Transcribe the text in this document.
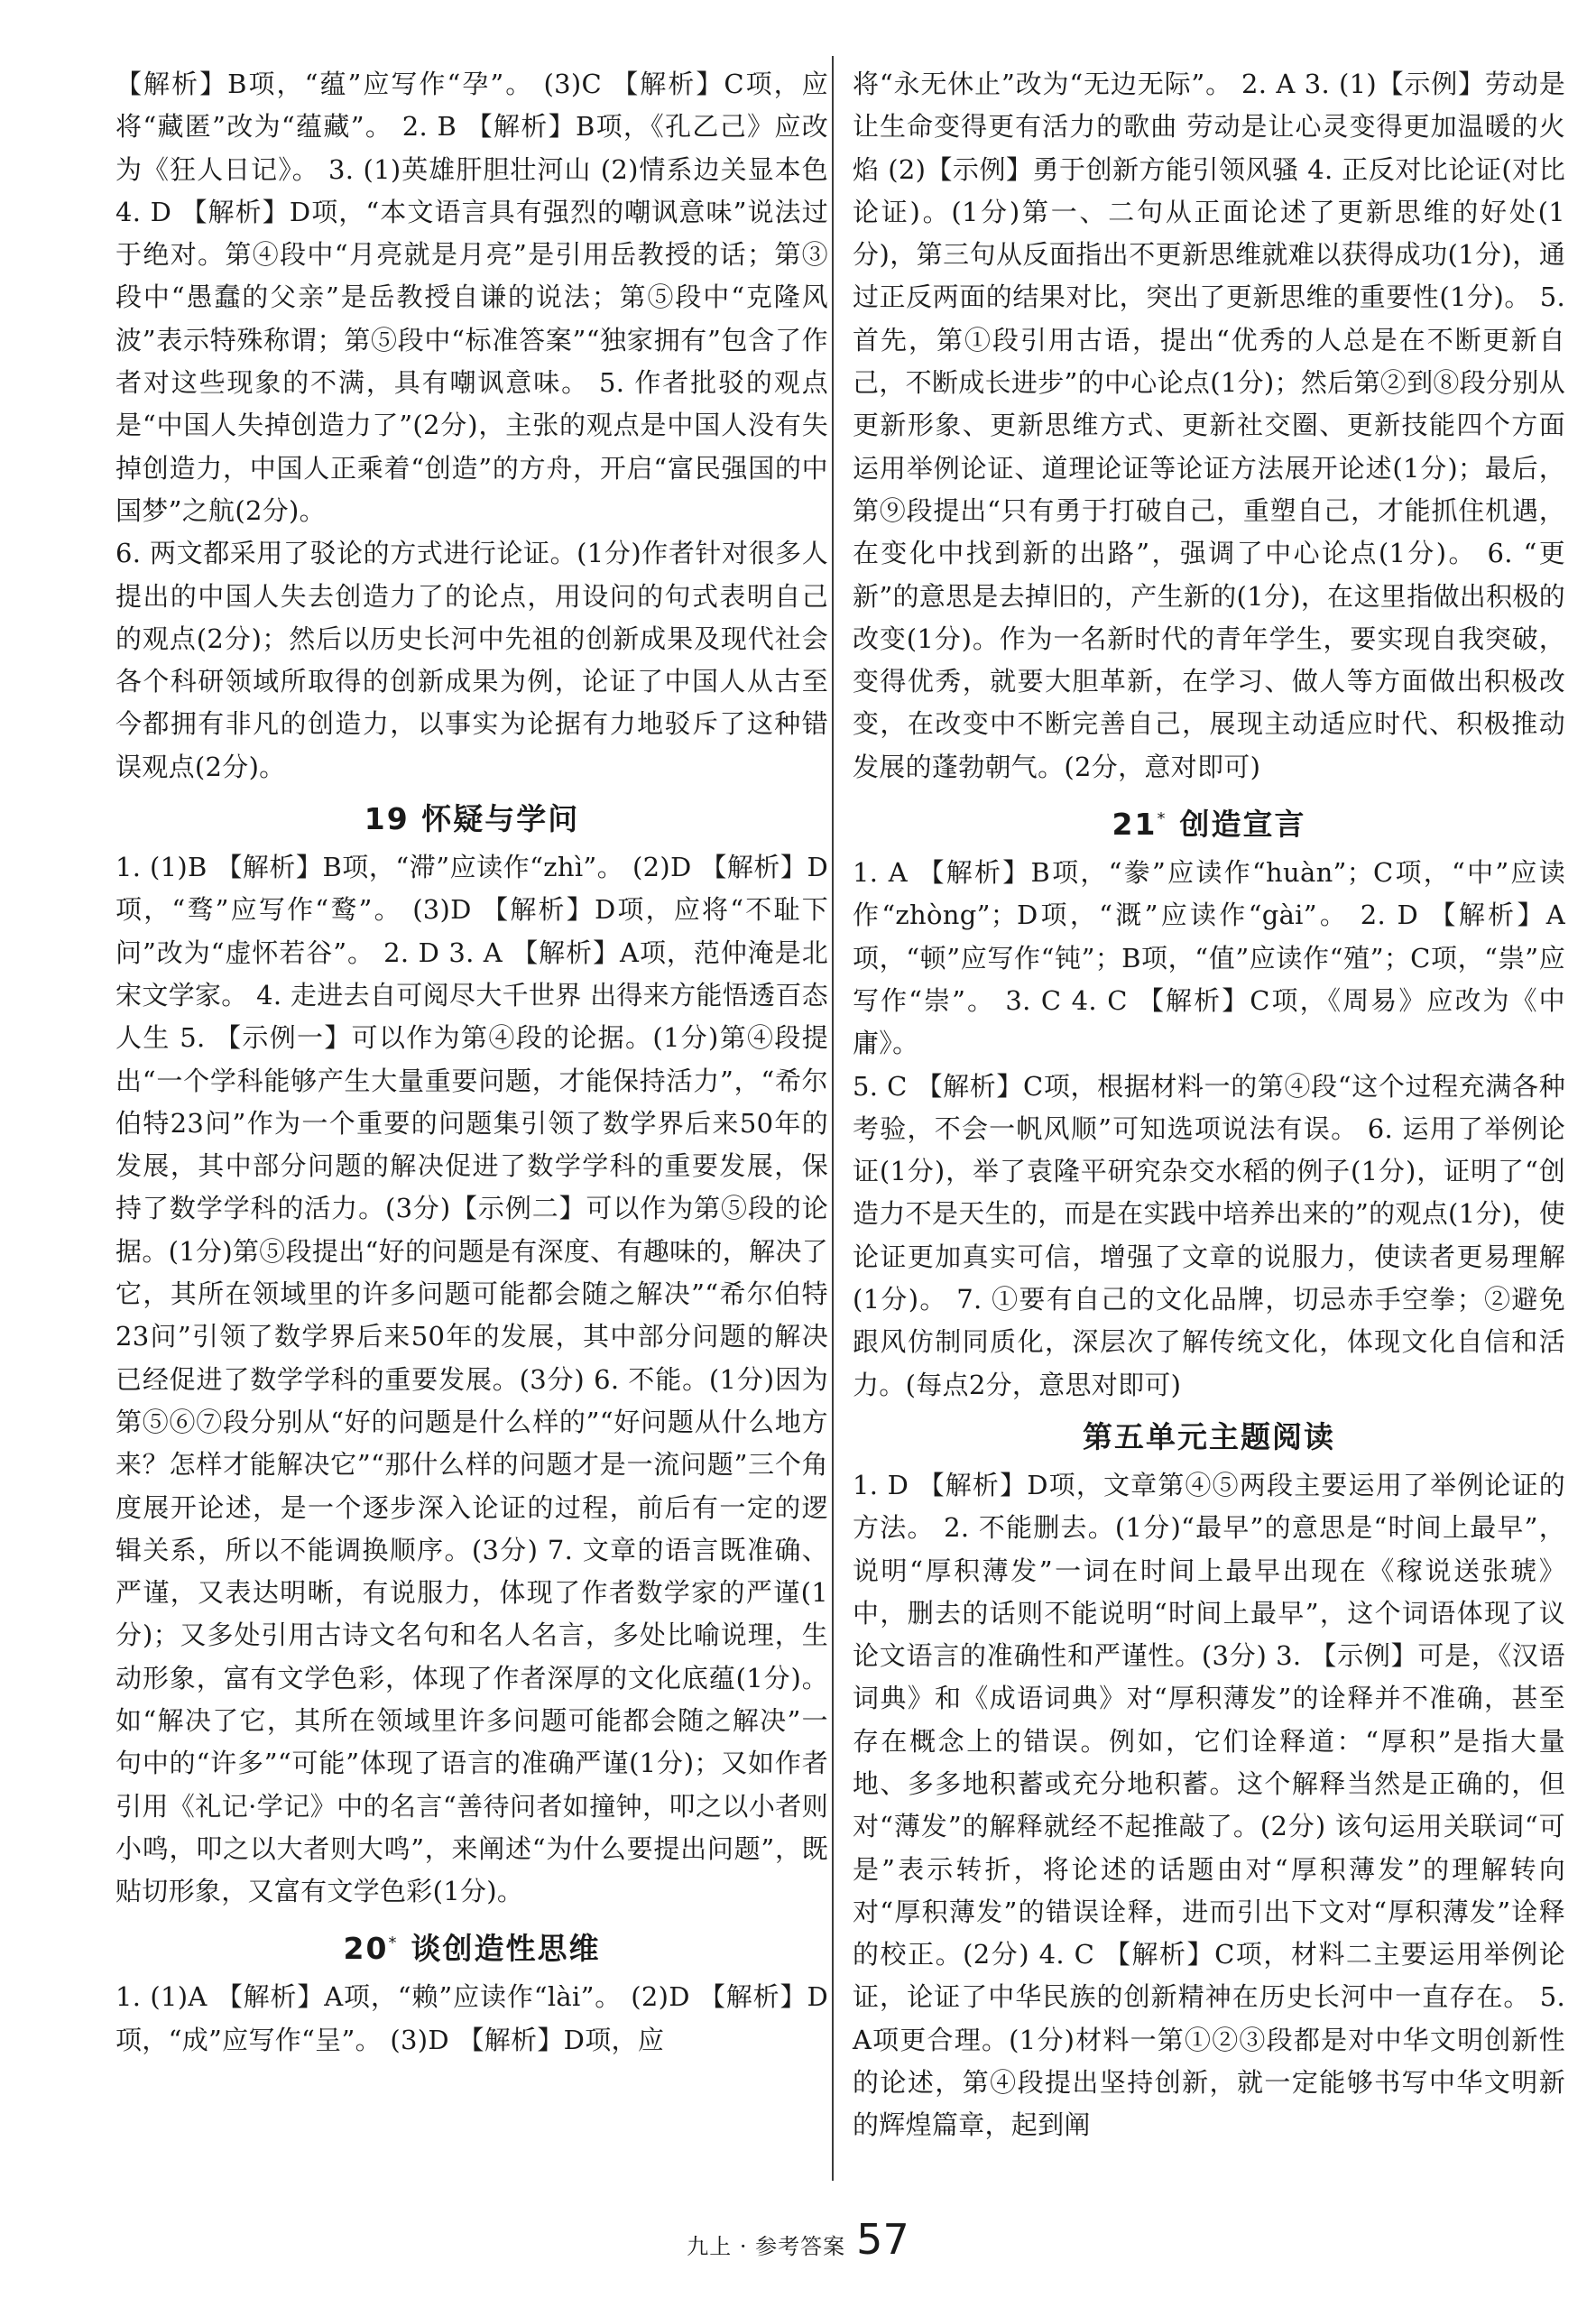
【解析】B项，“蕴”应写作“孕”。 (3)C 【解析】C项，应将“藏匿”改为“蕴藏”。 2. B 【解析】B项，《孔乙己》应改为《狂人日记》。 3. (1)英雄肝胆壮河山 (2)情系边关显本色 4. D 【解析】D项，“本文语言具有强烈的嘲讽意味”说法过于绝对。第④段中“月亮就是月亮”是引用岳教授的话；第③段中“愚蠢的父亲”是岳教授自谦的说法；第⑤段中“克隆风波”表示特殊称谓；第⑤段中“标准答案”“独家拥有”包含了作者对这些现象的不满，具有嘲讽意味。 5. 作者批驳的观点是“中国人失掉创造力了”(2分)，主张的观点是中国人没有失掉创造力，中国人正乘着“创造”的方舟，开启“富民强国的中国梦”之航(2分)。

6. 两文都采用了驳论的方式进行论证。(1分)作者针对很多人提出的中国人失去创造力了的论点，用设问的句式表明自己的观点(2分)；然后以历史长河中先祖的创新成果及现代社会各个科研领域所取得的创新成果为例，论证了中国人从古至今都拥有非凡的创造力，以事实为论据有力地驳斥了这种错误观点(2分)。

19 怀疑与学问

1. (1)B 【解析】B项，“滞”应读作“zhì”。 (2)D 【解析】D项，“骛”应写作“鹜”。 (3)D 【解析】D项，应将“不耻下问”改为“虚怀若谷”。 2. D 3. A 【解析】A项，范仲淹是北宋文学家。 4. 走进去自可阅尽大千世界 出得来方能悟透百态人生 5. 【示例一】可以作为第④段的论据。(1分)第④段提出“一个学科能够产生大量重要问题，才能保持活力”，“希尔伯特23问”作为一个重要的问题集引领了数学界后来50年的发展，其中部分问题的解决促进了数学学科的重要发展，保持了数学学科的活力。(3分)【示例二】可以作为第⑤段的论据。(1分)第⑤段提出“好的问题是有深度、有趣味的，解决了它，其所在领域里的许多问题可能都会随之解决”“希尔伯特23问”引领了数学界后来50年的发展，其中部分问题的解决已经促进了数学学科的重要发展。(3分) 6. 不能。(1分)因为第⑤⑥⑦段分别从“好的问题是什么样的”“好问题从什么地方来？怎样才能解决它”“那什么样的问题才是一流问题”三个角度展开论述，是一个逐步深入论证的过程，前后有一定的逻辑关系，所以不能调换顺序。(3分) 7. 文章的语言既准确、严谨，又表达明晰，有说服力，体现了作者数学家的严谨(1分)；又多处引用古诗文名句和名人名言，多处比喻说理，生动形象，富有文学色彩，体现了作者深厚的文化底蕴(1分)。如“解决了它，其所在领域里许多问题可能都会随之解决”一句中的“许多”“可能”体现了语言的准确严谨(1分)；又如作者引用《礼记·学记》中的名言“善待问者如撞钟，叩之以小者则小鸣，叩之以大者则大鸣”，来阐述“为什么要提出问题”，既贴切形象，又富有文学色彩(1分)。

20* 谈创造性思维

1. (1)A 【解析】A项，“赖”应读作“lài”。 (2)D 【解析】D项，“成”应写作“呈”。 (3)D 【解析】D项，应

将“永无休止”改为“无边无际”。 2. A 3. (1)【示例】劳动是让生命变得更有活力的歌曲 劳动是让心灵变得更加温暖的火焰 (2)【示例】勇于创新方能引领风骚 4. 正反对比论证(对比论证)。(1分)第一、二句从正面论述了更新思维的好处(1分)，第三句从反面指出不更新思维就难以获得成功(1分)，通过正反两面的结果对比，突出了更新思维的重要性(1分)。 5. 首先，第①段引用古语，提出“优秀的人总是在不断更新自己，不断成长进步”的中心论点(1分)；然后第②到⑧段分别从更新形象、更新思维方式、更新社交圈、更新技能四个方面运用举例论证、道理论证等论证方法展开论述(1分)；最后，第⑨段提出“只有勇于打破自己，重塑自己，才能抓住机遇，在变化中找到新的出路”，强调了中心论点(1分)。 6. “更新”的意思是去掉旧的，产生新的(1分)，在这里指做出积极的改变(1分)。作为一名新时代的青年学生，要实现自我突破，变得优秀，就要大胆革新，在学习、做人等方面做出积极改变，在改变中不断完善自己，展现主动适应时代、积极推动发展的蓬勃朝气。(2分，意对即可)

21* 创造宣言

1. A 【解析】B项，“豢”应读作“huàn”；C项，“中”应读作“zhòng”；D项，“溉”应读作“gài”。 2. D 【解析】A项，“顿”应写作“钝”；B项，“值”应读作“殖”；C项，“祟”应写作“崇”。 3. C 4. C 【解析】C项，《周易》应改为《中庸》。

5. C 【解析】C项，根据材料一的第④段“这个过程充满各种考验，不会一帆风顺”可知选项说法有误。 6. 运用了举例论证(1分)，举了袁隆平研究杂交水稻的例子(1分)，证明了“创造力不是天生的，而是在实践中培养出来的”的观点(1分)，使论证更加真实可信，增强了文章的说服力，使读者更易理解(1分)。 7. ①要有自己的文化品牌，切忌赤手空拳；②避免跟风仿制同质化，深层次了解传统文化，体现文化自信和活力。(每点2分，意思对即可)

第五单元主题阅读

1. D 【解析】D项，文章第④⑤两段主要运用了举例论证的方法。 2. 不能删去。(1分)“最早”的意思是“时间上最早”，说明“厚积薄发”一词在时间上最早出现在《稼说送张琥》中，删去的话则不能说明“时间上最早”，这个词语体现了议论文语言的准确性和严谨性。(3分) 3. 【示例】可是，《汉语词典》和《成语词典》对“厚积薄发”的诠释并不准确，甚至存在概念上的错误。例如，它们诠释道：“厚积”是指大量地、多多地积蓄或充分地积蓄。这个解释当然是正确的，但对“薄发”的解释就经不起推敲了。(2分) 该句运用关联词“可是”表示转折，将论述的话题由对“厚积薄发”的理解转向对“厚积薄发”的错误诠释，进而引出下文对“厚积薄发”诠释的校正。(2分) 4. C 【解析】C项，材料二主要运用举例论证，论证了中华民族的创新精神在历史长河中一直存在。 5. A项更合理。(1分)材料一第①②③段都是对中华文明创新性的论述，第④段提出坚持创新，就一定能够书写中华文明新的辉煌篇章，起到阐

九上 · 参考答案 57
